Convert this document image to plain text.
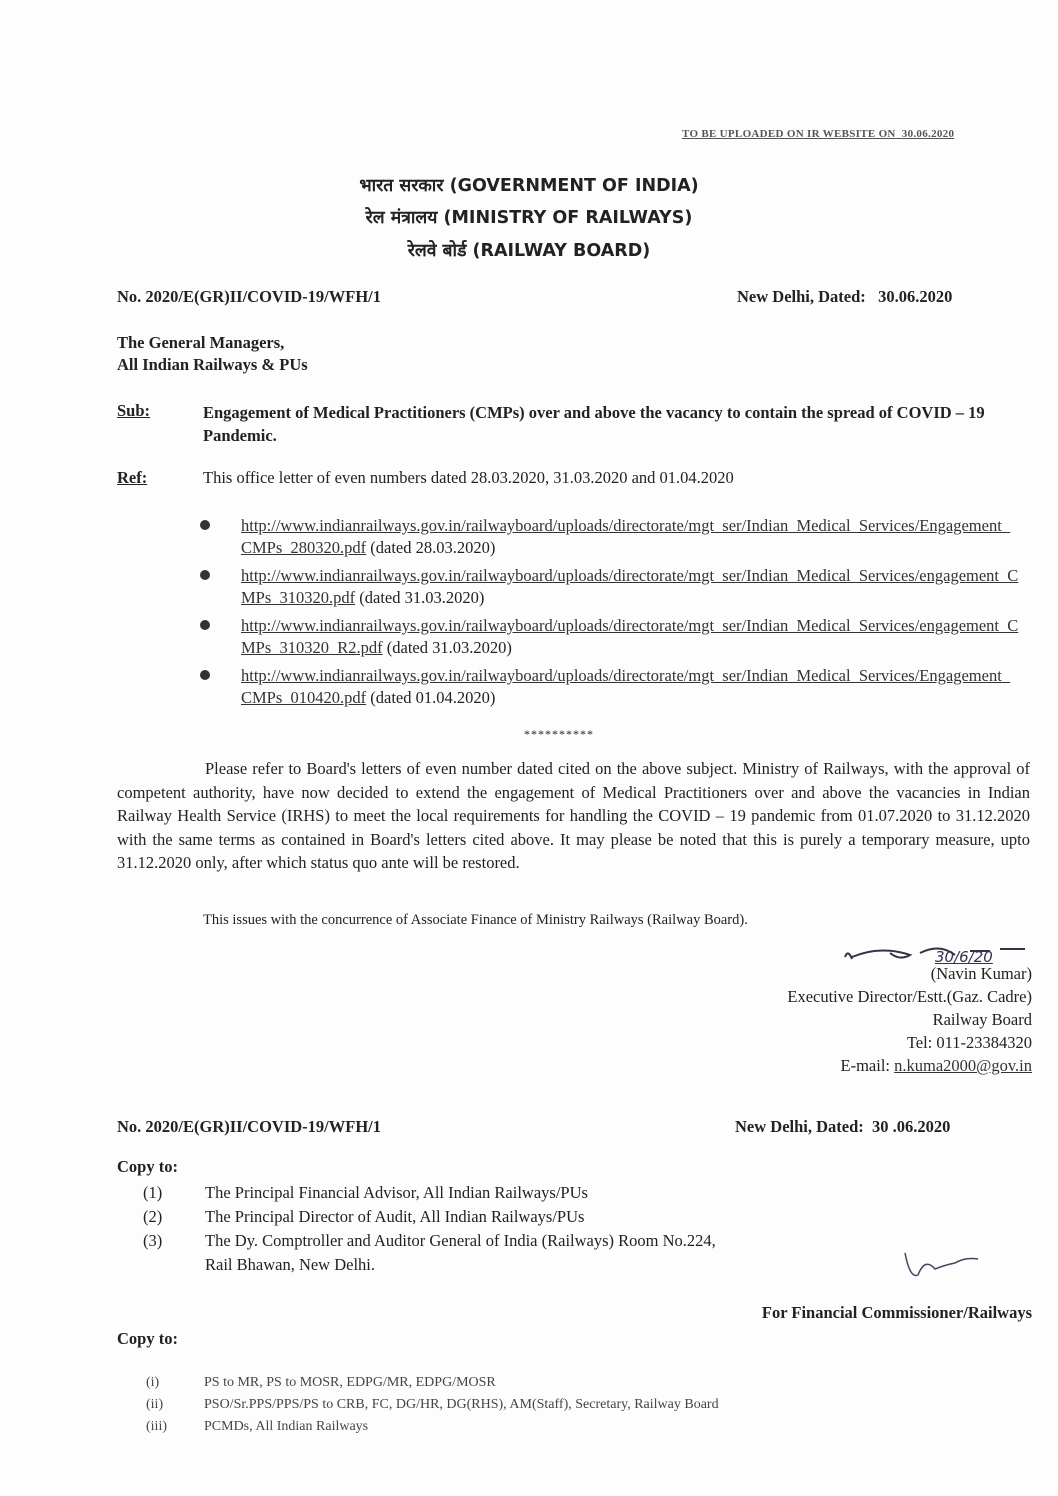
TO BE UPLOADED ON IR WEBSITE ON 30.06.2020
भारत सरकार (GOVERNMENT OF INDIA)
रेल मंत्रालय (MINISTRY OF RAILWAYS)
रेलवे बोर्ड (RAILWAY BOARD)
No. 2020/E(GR)II/COVID-19/WFH/1	New Delhi, Dated: 30.06.2020
The General Managers,
All Indian Railways & PUs
Sub:	Engagement of Medical Practitioners (CMPs) over and above the vacancy to contain the spread of COVID – 19 Pandemic.
Ref:	This office letter of even numbers dated 28.03.2020, 31.03.2020 and 01.04.2020
http://www.indianrailways.gov.in/railwayboard/uploads/directorate/mgt_ser/Indian_Medical_Services/Engagement_CMPs_280320.pdf (dated 28.03.2020)
http://www.indianrailways.gov.in/railwayboard/uploads/directorate/mgt_ser/Indian_Medical_Services/engagement_CMPs_310320.pdf (dated 31.03.2020)
http://www.indianrailways.gov.in/railwayboard/uploads/directorate/mgt_ser/Indian_Medical_Services/engagement_CMPs_310320_R2.pdf (dated 31.03.2020)
http://www.indianrailways.gov.in/railwayboard/uploads/directorate/mgt_ser/Indian_Medical_Services/Engagement_CMPs_010420.pdf (dated 01.04.2020)
**********
Please refer to Board's letters of even number dated cited on the above subject. Ministry of Railways, with the approval of competent authority, have now decided to extend the engagement of Medical Practitioners over and above the vacancies in Indian Railway Health Service (IRHS) to meet the local requirements for handling the COVID – 19 pandemic from 01.07.2020 to 31.12.2020 with the same terms as contained in Board's letters cited above. It may please be noted that this is purely a temporary measure, upto 31.12.2020 only, after which status quo ante will be restored.
This issues with the concurrence of Associate Finance of Ministry Railways (Railway Board).
30/6/20
(Navin Kumar)
Executive Director/Estt.(Gaz. Cadre)
Railway Board
Tel: 011-23384320
E-mail: n.kuma2000@gov.in
No. 2020/E(GR)II/COVID-19/WFH/1	New Delhi, Dated: 30 .06.2020
Copy to:
(1)	The Principal Financial Advisor, All Indian Railways/PUs
(2)	The Principal Director of Audit, All Indian Railways/PUs
(3)	The Dy. Comptroller and Auditor General of India (Railways) Room No.224,
Rail Bhawan, New Delhi.
For Financial Commissioner/Railways
Copy to:
(i)	PS to MR, PS to MOSR, EDPG/MR, EDPG/MOSR
(ii)	PSO/Sr.PPS/PPS/PS to CRB, FC, DG/HR, DG(RHS), AM(Staff), Secretary, Railway Board
(iii)	PCMDs, All Indian Railways
